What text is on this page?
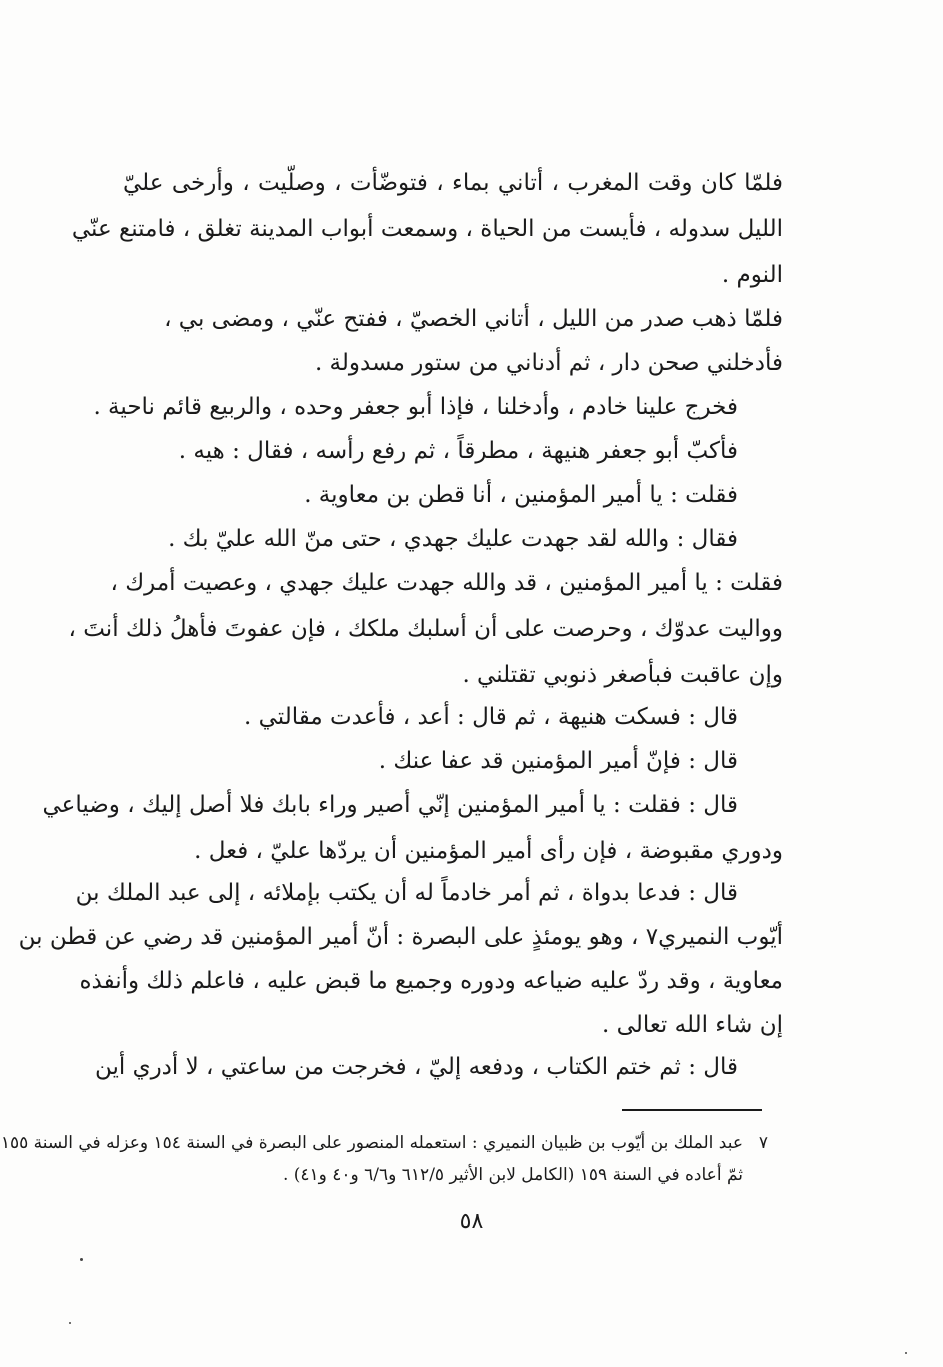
فلمّا كان وقت المغرب ، أتاني بماء ، فتوضّأت ، وصلّيت ، وأرخى عليّ
الليل سدوله ، فأيست من الحياة ، وسمعت أبواب المدينة تغلق ، فامتنع عنّي
النوم .
فلمّا ذهب صدر من الليل ، أتاني الخصيّ ، ففتح عنّي ، ومضى بي ،
فأدخلني صحن دار ، ثم أدناني من ستور مسدولة .
فخرج علينا خادم ، وأدخلنا ، فإذا أبو جعفر وحده ، والربيع قائم ناحية .
فأكبّ أبو جعفر هنيهة ، مطرقاً ، ثم رفع رأسه ، فقال : هيه .
فقلت : يا أمير المؤمنين ، أنا قطن بن معاوية .
فقال : والله لقد جهدت عليك جهدي ، حتى منّ الله عليّ بك .
فقلت : يا أمير المؤمنين ، قد والله جهدت عليك جهدي ، وعصيت أمرك ،
وواليت عدوّك ، وحرصت على أن أسلبك ملكك ، فإن عفوتَ فأهلُ ذلك أنتَ ،
وإن عاقبت فبأصغر ذنوبي تقتلني .
قال : فسكت هنيهة ، ثم قال : أعد ، فأعدت مقالتي .
قال : فإنّ أمير المؤمنين قد عفا عنك .
قال : فقلت : يا أمير المؤمنين إنّي أصير وراء بابك فلا أصل إليك ، وضياعي
ودوري مقبوضة ، فإن رأى أمير المؤمنين أن يردّها عليّ ، فعل .
قال : فدعا بدواة ، ثم أمر خادماً له أن يكتب بإملائه ، إلى عبد الملك بن
أيّوب النميري٧ ، وهو يومئذٍ على البصرة : أنّ أمير المؤمنين قد رضي عن قطن بن
معاوية ، وقد ردّ عليه ضياعه ودوره وجميع ما قبض عليه ، فاعلم ذلك وأنفذه
إن شاء الله تعالى .
قال : ثم ختم الكتاب ، ودفعه إليّ ، فخرجت من ساعتي ، لا أدري أين
٧
عبد الملك بن أيّوب بن ظبيان النميري : استعمله المنصور على البصرة في السنة ١٥٤ وعزله في السنة ١٥٥
ثمّ أعاده في السنة ١٥٩ (الكامل لابن الأثير ٦١٢/٥ و٦/٦ و٤٠ و٤١) .
٥٨
